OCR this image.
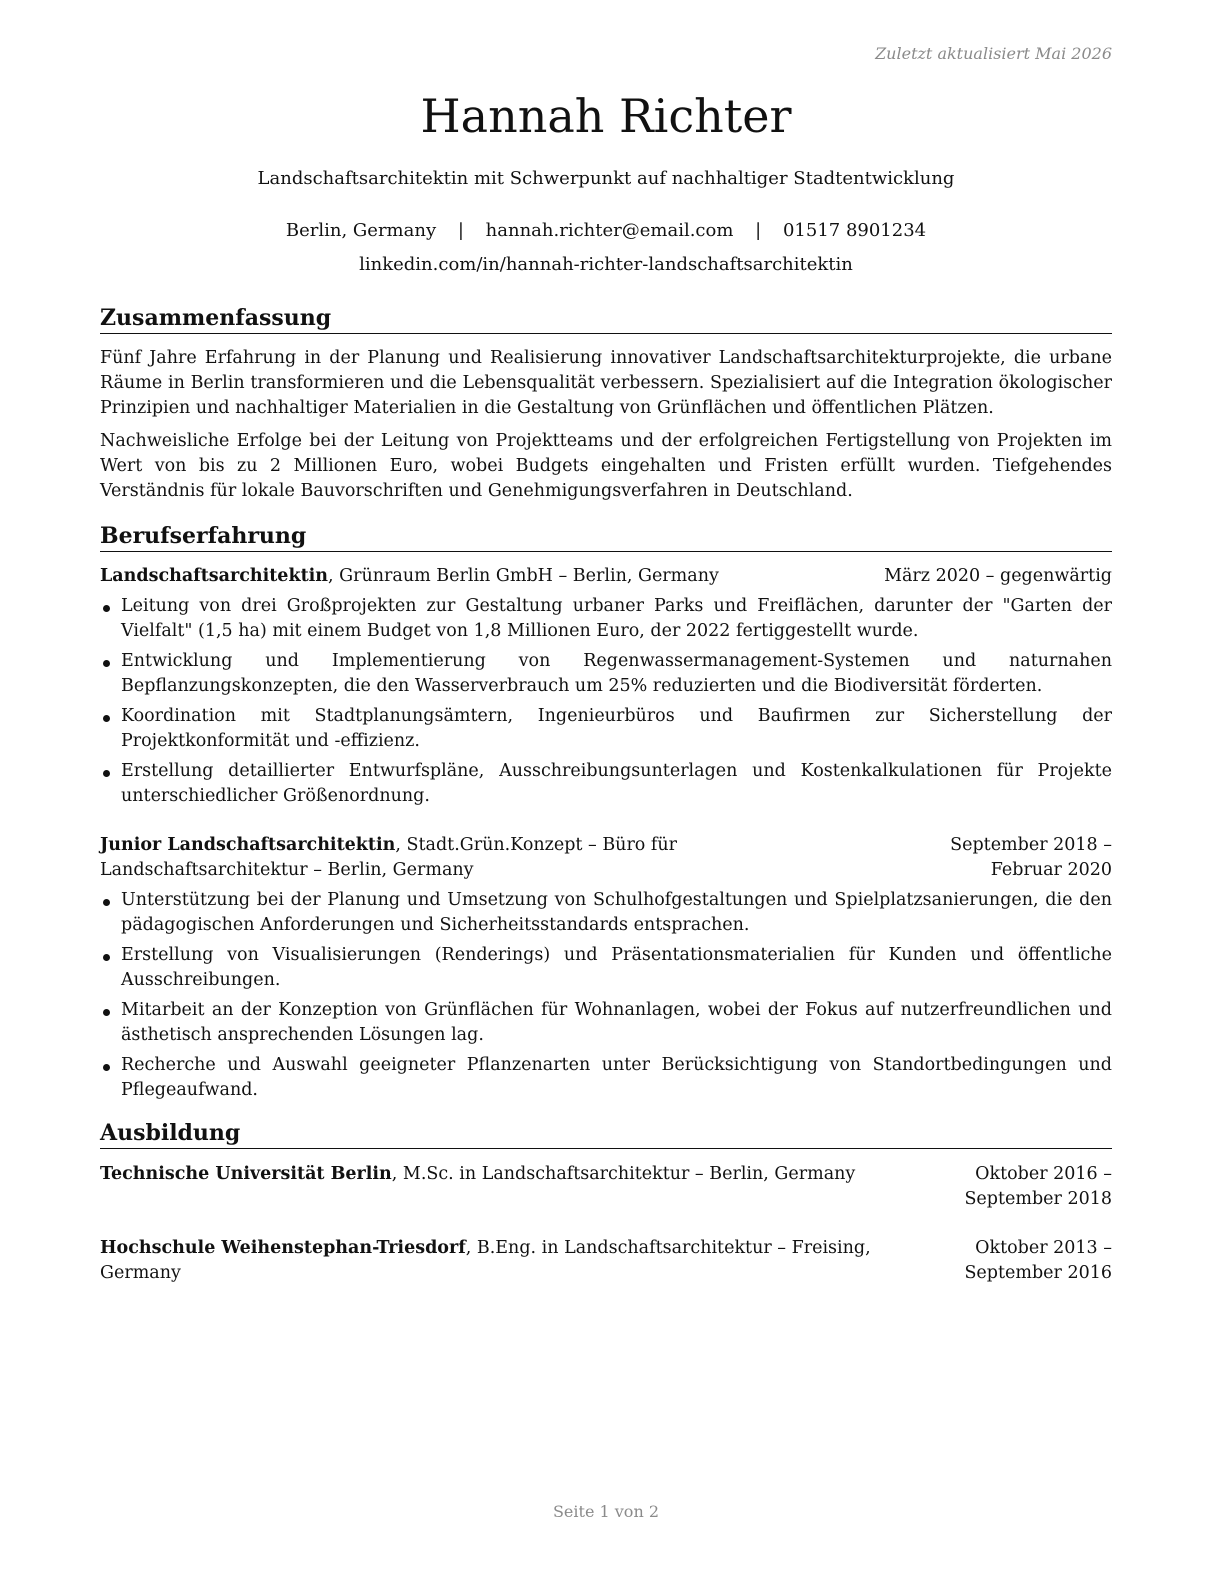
Zuletzt aktualisiert Mai 2026
Hannah Richter
Landschaftsarchitektin mit Schwerpunkt auf nachhaltiger Stadtentwicklung
Berlin, Germany | hannah.richter@email.com | 01517 8901234
linkedin.com/in/hannah-richter-landschaftsarchitektin
Zusammenfassung

Fünf Jahre Erfahrung in der Planung und Realisierung innovativer Landschaftsarchitekturprojekte, die urbane Räume in Berlin transformieren und die Lebensqualität verbessern. Spezialisiert auf die Integration ökologischer Prinzipien und nachhaltiger Materialien in die Gestaltung von Grünflächen und öffentlichen Plätzen.

Nachweisliche Erfolge bei der Leitung von Projektteams und der erfolgreichen Fertigstellung von Projekten im Wert von bis zu 2 Millionen Euro, wobei Budgets eingehalten und Fristen erfüllt wurden. Tiefgehendes Verständnis für lokale Bauvorschriften und Genehmigungsverfahren in Deutschland.

Berufserfahrung
Landschaftsarchitektin, Grünraum Berlin GmbH – Berlin, Germany	März 2020 – gegenwärtig
Leitung von drei Großprojekten zur Gestaltung urbaner Parks und Freiflächen, darunter der "Garten der Vielfalt" (1,5 ha) mit einem Budget von 1,8 Millionen Euro, der 2022 fertiggestellt wurde.
Entwicklung und Implementierung von Regenwassermanagement-Systemen und naturnahen Bepflanzungskonzepten, die den Wasserverbrauch um 25% reduzierten und die Biodiversität förderten.
Koordination mit Stadtplanungsämtern, Ingenieurbüros und Baufirmen zur Sicherstellung der Projektkonformität und -effizienz.
Erstellung detaillierter Entwurfspläne, Ausschreibungsunterlagen und Kostenkalkulationen für Projekte unterschiedlicher Größenordnung.
Junior Landschaftsarchitektin, Stadt.Grün.Konzept – Büro für Landschaftsarchitektur – Berlin, Germany
September 2018 – Februar 2020
Unterstützung bei der Planung und Umsetzung von Schulhofgestaltungen und Spielplatzsanierungen, die den pädagogischen Anforderungen und Sicherheitsstandards entsprachen.
Erstellung von Visualisierungen (Renderings) und Präsentationsmaterialien für Kunden und öffentliche Ausschreibungen.
Mitarbeit an der Konzeption von Grünflächen für Wohnanlagen, wobei der Fokus auf nutzerfreundlichen und ästhetisch ansprechenden Lösungen lag.
Recherche und Auswahl geeigneter Pflanzenarten unter Berücksichtigung von Standortbedingungen und Pflegeaufwand.
Ausbildung
Technische Universität Berlin, M.Sc. in Landschaftsarchitektur – Berlin, Germany	Oktober 2016 – September 2018
Hochschule Weihenstephan-Triesdorf, B.Eng. in Landschaftsarchitektur – Freising, Germany
Oktober 2013 – September 2016
Seite 1 von 2
